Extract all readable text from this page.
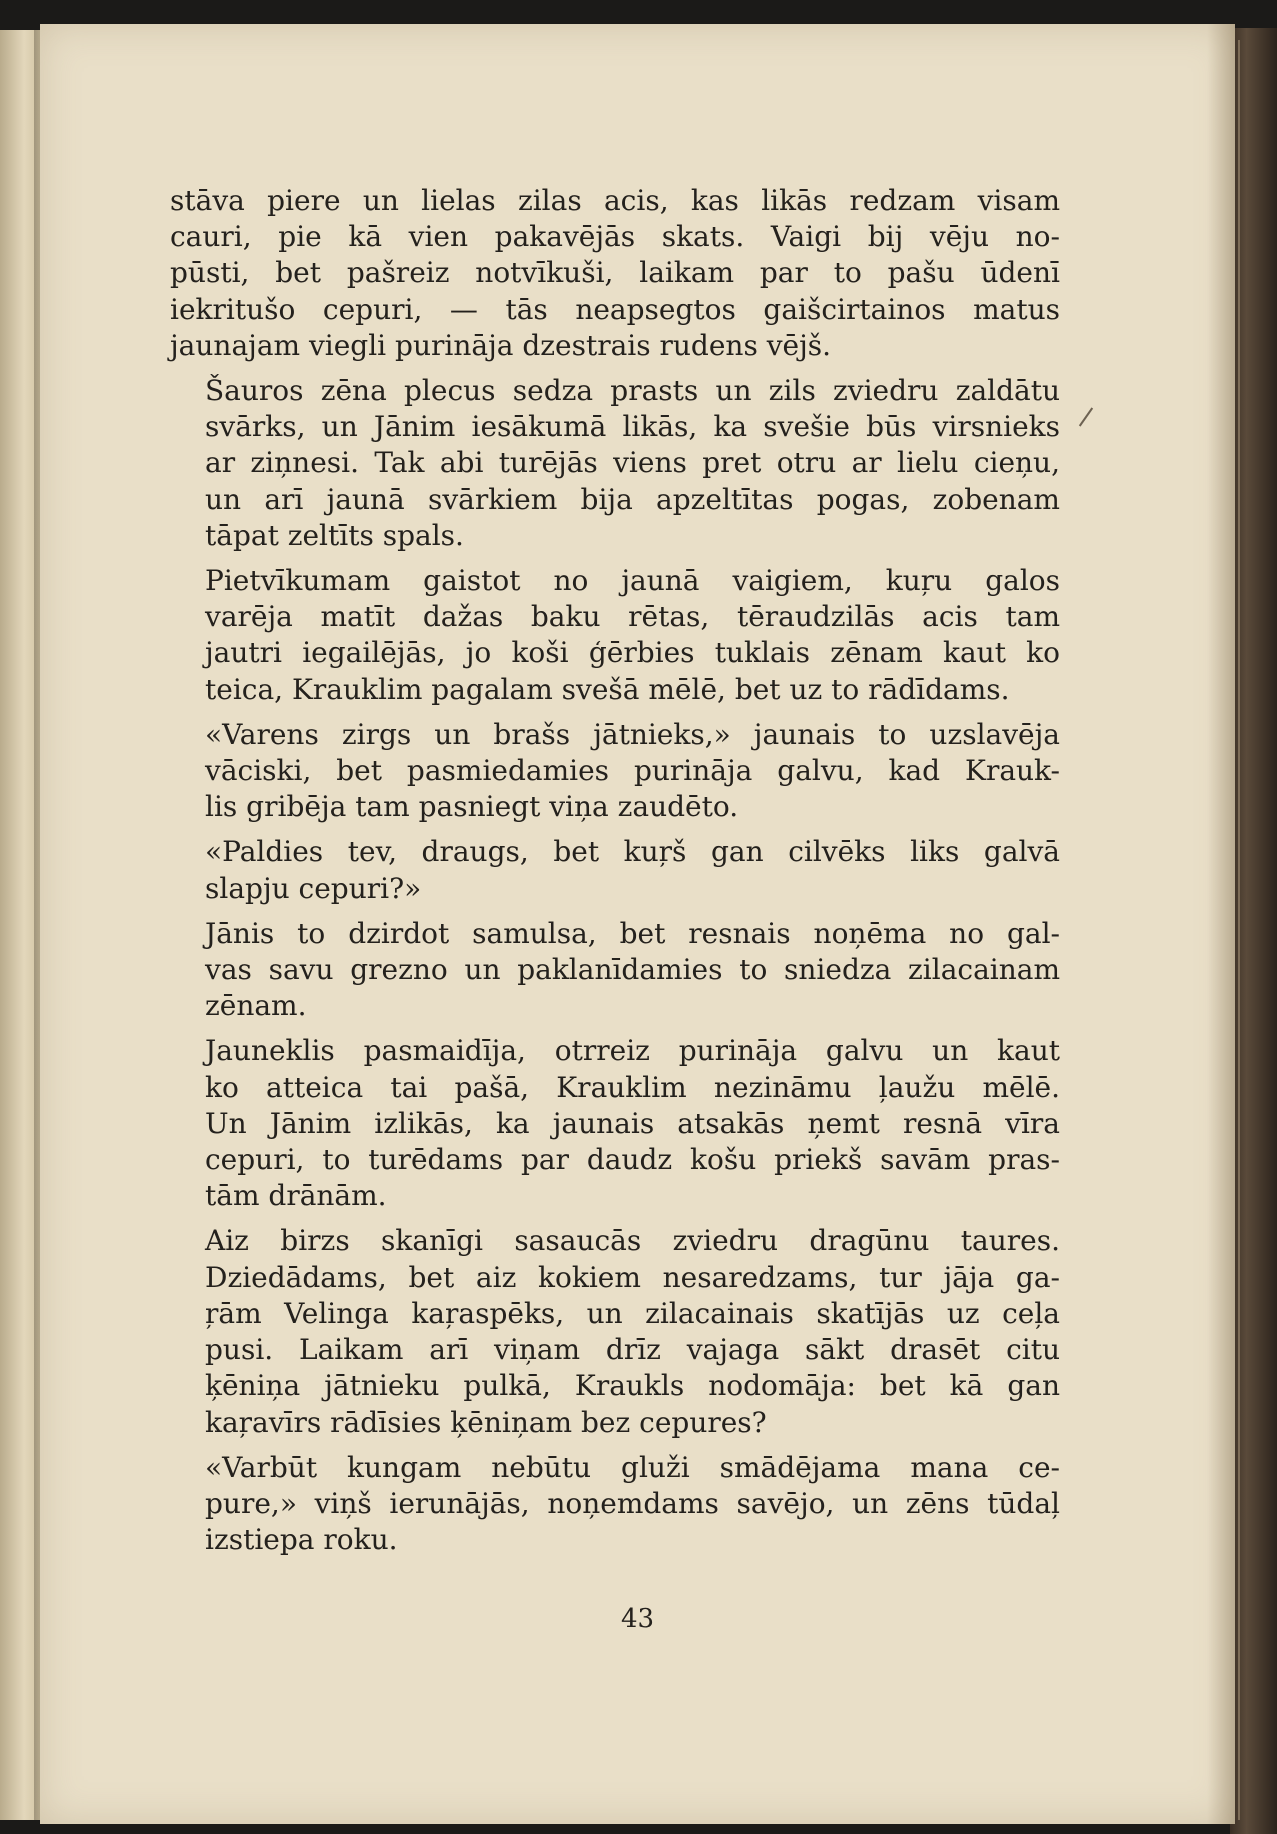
43
stāva piere un lielas zilas acis, kas likās redzam visam
cauri, pie kā vien pakavējās skats. Vaigi bij vēju no-
pūsti, bet pašreiz notvīkuši, laikam par to pašu ūdenī
iekritušo cepuri, — tās neapsegtos gaišcirtainos matus
jaunajam viegli purināja dzestrais rudens vējš.
Šauros zēna plecus sedza prasts un zils zviedru zaldātu
svārks, un Jānim iesākumā likās, ka svešie būs virsnieks
ar ziņnesi. Tak abi turējās viens pret otru ar lielu cieņu,
un arī jaunā svārkiem bija apzeltītas pogas, zobenam
tāpat zeltīts spals.
Pietvīkumam gaistot no jaunā vaigiem, kuŗu galos
varēja matīt dažas baku rētas, tēraudzilās acis tam
jautri iegailējās, jo koši ģērbies tuklais zēnam kaut ko
teica, Krauklim pagalam svešā mēlē, bet uz to rādīdams.
«Varens zirgs un brašs jātnieks,» jaunais to uzslavēja
vāciski, bet pasmiedamies purināja galvu, kad Krauk-
lis gribēja tam pasniegt viņa zaudēto.
«Paldies tev, draugs, bet kuŗš gan cilvēks liks galvā
slapju cepuri?»
Jānis to dzirdot samulsa, bet resnais noņēma no gal-
vas savu grezno un paklanīdamies to sniedza zilacainam
zēnam.
Jauneklis pasmaidīja, otrreiz purināja galvu un kaut
ko atteica tai pašā, Krauklim nezināmu ļaužu mēlē.
Un Jānim izlikās, ka jaunais atsakās ņemt resnā vīra
cepuri, to turēdams par daudz košu priekš savām pras-
tām drānām.
Aiz birzs skanīgi sasaucās zviedru dragūnu taures.
Dziedādams, bet aiz kokiem nesaredzams, tur jāja ga-
ŗām Velinga kaŗaspēks, un zilacainais skatījās uz ceļa
pusi. Laikam arī viņam drīz vajaga sākt drasēt citu
ķēniņa jātnieku pulkā, Kraukls nodomāja: bet kā gan
kaŗavīrs rādīsies ķēniņam bez cepures?
«Varbūt kungam nebūtu gluži smādējama mana ce-
pure,» viņš ierunājās, noņemdams savējo, un zēns tūdaļ
izstiepa roku.
